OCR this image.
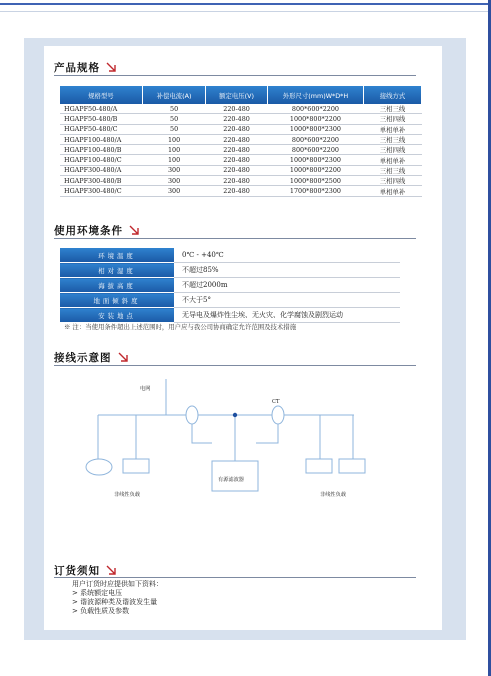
产品规格
规格型号	补偿电流(A)	额定电压(V)	外形尺寸(mm)W*D*H	接线方式
HGAPF50-480/A	50	220-480	800*600*2200	三相三线
HGAPF50-480/B	50	220-480	1000*800*2200	三相四线
HGAPF50-480/C	50	220-480	1000*800*2300	单相单补
HGAPF100-480/A	100	220-480	800*600*2200	三相三线
HGAPF100-480/B	100	220-480	800*600*2200	三相四线
HGAPF100-480/C	100	220-480	1000*800*2300	单相单补
HGAPF300-480/A	300	220-480	1000*800*2200	三相三线
HGAPF300-480/B	300	220-480	1000*800*2500	三相四线
HGAPF300-480/C	300	220-480	1700*800*2300	单相单补
使用环境条件
环境温度	0℃ - +40℃
相对湿度	不超过85%
海拔高度	不超过2000m
地面倾斜度	不大于5°
安装地点	无导电及爆炸性尘埃、无火灾、化学腐蚀及剧烈运动
※ 注：当使用条件超出上述范围时，用户应与我公司协商确定允许范围及技术措施
接线示意图
电网
CT
有源滤波器
非线性负载	非线性负载
订货须知
用户订货时应提供如下资料：
> 系统额定电压
> 谐波源种类及谐波发生量
> 负载性质及参数
